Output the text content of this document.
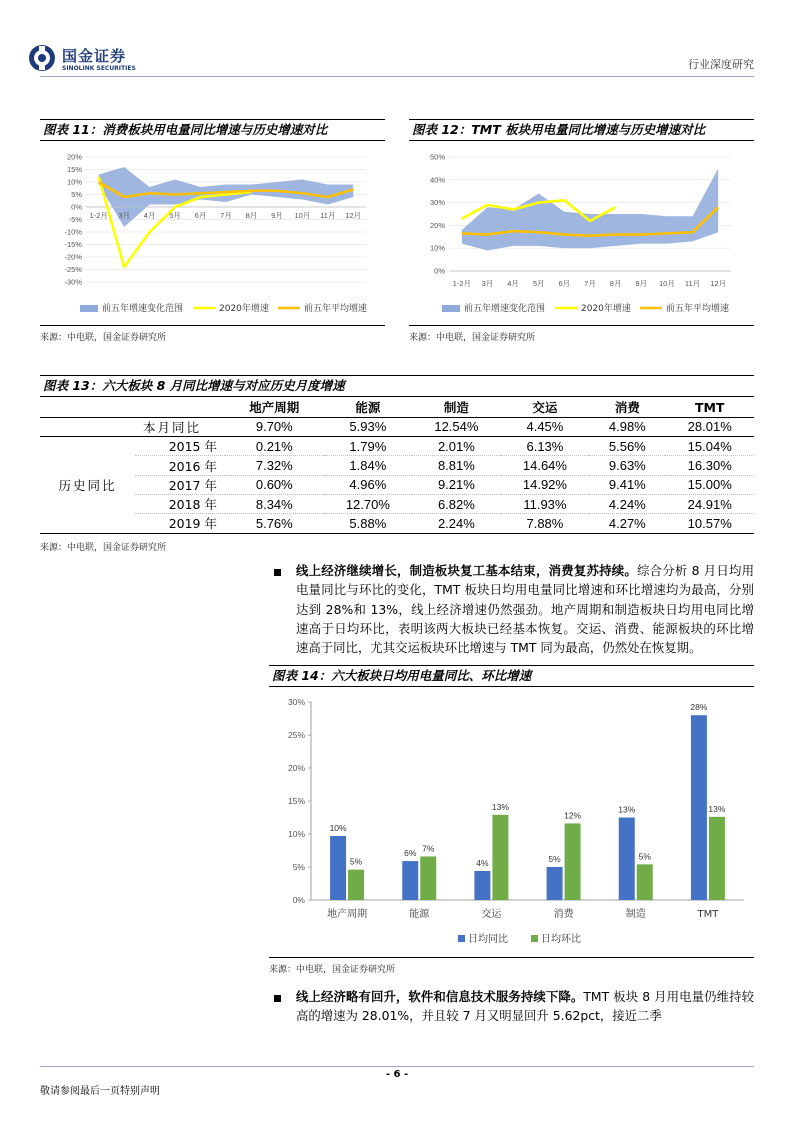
国金证券
SINOLINK SECURITIES	行业深度研究
图表 11：消费板块用电量同比增速与历史增速对比
20%
15%
10%
5%
0%
-5%
-10%
-15%
-20%
-25%
-30%
1-2月 3月 4月 5月 6月 7月 8月 9月 10月 11月 12月
前五年增速变化范围	2020年增速	前五年平均增速
来源：中电联，国金证券研究所
图表 12：TMT 板块用电量同比增速与历史增速对比
50%
40%
30%
20%
10%
0%
1-2月 3月 4月 5月 6月 7月 8月 9月 10月 11月 12月
前五年增速变化范围	2020年增速	前五年平均增速
来源：中电联，国金证券研究所
图表 13：六大板块 8 月同比增速与对应历史月度增速
		地产周期	能源	制造	交运	消费	TMT
本月同比		9.70%	5.93%	12.54%	4.45%	4.98%	28.01%
历史同比	2015 年	0.21%	1.79%	2.01%	6.13%	5.56%	15.04%
	2016 年	7.32%	1.84%	8.81%	14.64%	9.63%	16.30%
	2017 年	0.60%	4.96%	9.21%	14.92%	9.41%	15.00%
	2018 年	8.34%	12.70%	6.82%	11.93%	4.24%	24.91%
	2019 年	5.76%	5.88%	2.24%	7.88%	4.27%	10.57%
来源：中电联，国金证券研究所
线上经济继续增长，制造板块复工基本结束，消费复苏持续。综合分析 8 月日均用电量同比与环比的变化，TMT 板块日均用电量同比增速和环比增速均为最高，分别达到 28%和 13%，线上经济增速仍然强劲。地产周期和制造板块日均用电同比增速高于日均环比，表明该两大板块已经基本恢复。交运、消费、能源板块的环比增速高于同比，尤其交运板块环比增速与 TMT 同为最高，仍然处在恢复期。
图表 14：六大板块日均用电量同比、环比增速
30%
25%
20%
15%
10%
5%
0%
10%
5%
地产周期
6% 7%
能源
4%
13%
交运
5%
12%
消费
13%
5%
制造
28%
13%
TMT
日均同比	日均环比
来源：中电联，国金证券研究所
线上经济略有回升，软件和信息技术服务持续下降。TMT 板块 8 月用电量仍维持较高的增速为 28.01%，并且较 7 月又明显回升 5.62pct，接近二季
- 6 -
敬请参阅最后一页特别声明
